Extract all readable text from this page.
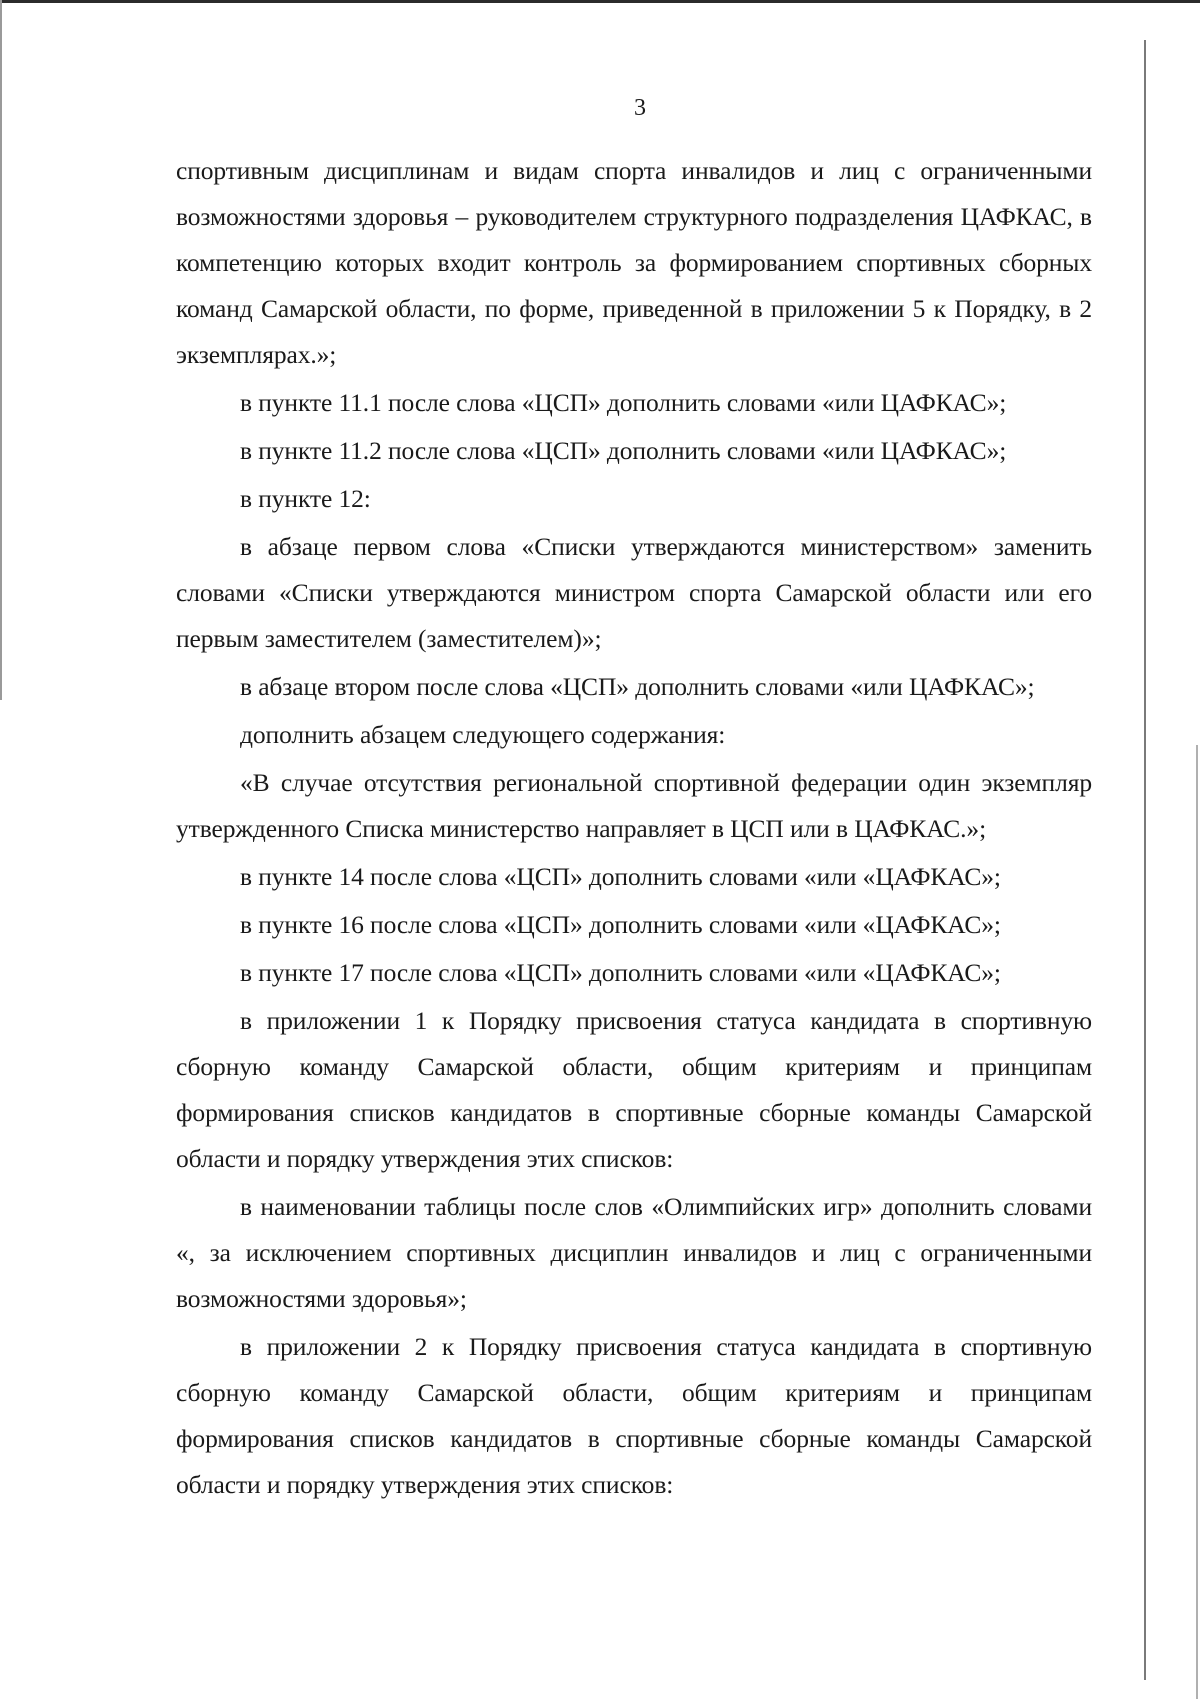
3

спортивным дисциплинам и видам спорта инвалидов и лиц с ограниченными возможностями здоровья – руководителем структурного подразделения ЦАФКАС, в компетенцию которых входит контроль за формированием спортивных сборных команд Самарской области, по форме, приведенной в приложении 5 к Порядку, в 2 экземплярах.»;

в пункте 11.1 после слова «ЦСП» дополнить словами «или ЦАФКАС»;

в пункте 11.2 после слова «ЦСП» дополнить словами «или ЦАФКАС»;

в пункте 12:

в абзаце первом слова «Списки утверждаются министерством» заменить словами «Списки утверждаются министром спорта Самарской области или его первым заместителем (заместителем)»;

в абзаце втором после слова «ЦСП» дополнить словами «или ЦАФКАС»;

дополнить абзацем следующего содержания:

«В случае отсутствия региональной спортивной федерации один экземпляр утвержденного Списка министерство направляет в ЦСП или в ЦАФКАС.»;

в пункте 14 после слова «ЦСП» дополнить словами «или «ЦАФКАС»;

в пункте 16 после слова «ЦСП» дополнить словами «или «ЦАФКАС»;

в пункте 17 после слова «ЦСП» дополнить словами «или «ЦАФКАС»;

в приложении 1 к Порядку присвоения статуса кандидата в спортивную сборную команду Самарской области, общим критериям и принципам формирования списков кандидатов в спортивные сборные команды Самарской области и порядку утверждения этих списков:

в наименовании таблицы после слов «Олимпийских игр» дополнить словами «, за исключением спортивных дисциплин инвалидов и лиц с ограниченными возможностями здоровья»;

в приложении 2 к Порядку присвоения статуса кандидата в спортивную сборную команду Самарской области, общим критериям и принципам формирования списков кандидатов в спортивные сборные команды Самарской области и порядку утверждения этих списков:
